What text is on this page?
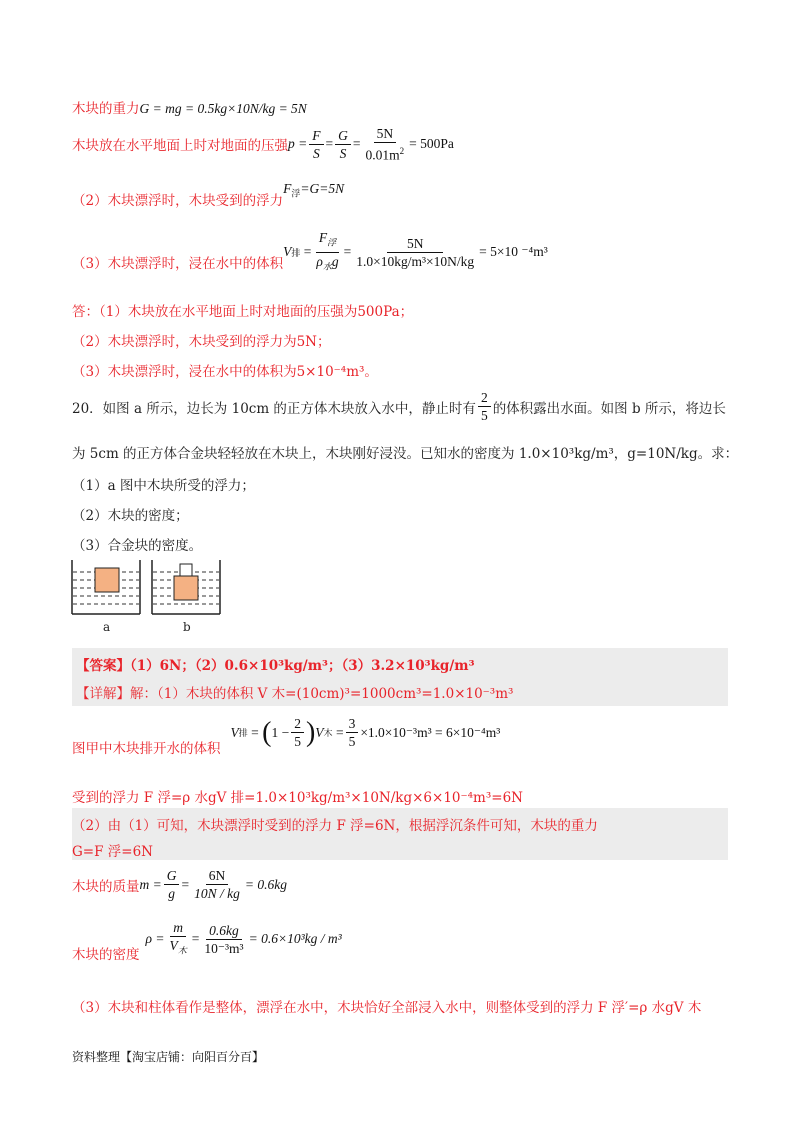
木块的重力G = mg = 0.5kg×10N/kg = 5N
木块放在水平地面上时对地面的压强 $p = \frac{F}{S} = \frac{G}{S} = \frac{5N}{0.01m^2} = 500Pa$
（2）木块漂浮时，木块受到的浮力$F_浮=G=5N$
（3）木块漂浮时，浸在水中的体积
V 排 = $\frac{F_浮}{\rho_水g} = \frac{5N}{\text{1.0×10kg/m³×10N/kg}} = 5\times 10$ ⁻⁴m³
答：（1）木块放在水平地面上时对地面的压强为500Pa；
（2）木块漂浮时，木块受到的浮力为5N；
（3）木块漂浮时，浸在水中的体积为5×10⁻⁴m³。
20．如图 a 所示，边长为 10cm 的正方体木块放入水中，静止时有 $\frac{2}{5}$ 的体积露出水面。如图 b 所示，将边长
为 5cm 的正方体合金块轻轻放在木块上，木块刚好浸没。已知水的密度为 1.0×10³kg/m³，g=10N/kg。求：
（1）a 图中木块所受的浮力；
（2）木块的密度；
（3）合金块的密度。
a	b
【答案】（1）6N；（2）0.6×10³kg/m³；（3）3.2×10³kg/m³
【详解】解：（1）木块的体积 V 木=(10cm)³=1000cm³=1.0×10⁻³m³
图甲中木块排开水的体积
V 排 = ( $1 - \frac{2}{5}$ ) V 木 = $\frac{3}{5} \times 1.0\times 10^{-3}m^3 = 6\times 10^{-4}m^3$
受到的浮力 F 浮=ρ 水gV 排=1.0×10³kg/m³×10N/kg×6×10⁻⁴m³=6N
（2）由（1）可知，木块漂浮时受到的浮力 F 浮=6N，根据浮沉条件可知，木块的重力
G=F 浮=6N
木块的质量 $m = \frac{G}{g} = \frac{6N}{10N / kg} = 0.6kg$
木块的密度
$\rho = \frac{m}{V_木} = \frac{0.6kg}{\text{10⁻³m³}} = 0.6\times 10^3kg / m^3$
（3）木块和柱体看作是整体，漂浮在水中，木块恰好全部浸入水中，则整体受到的浮力 F 浮′=ρ 水gV 木
资料整理【淘宝店铺：向阳百分百】
